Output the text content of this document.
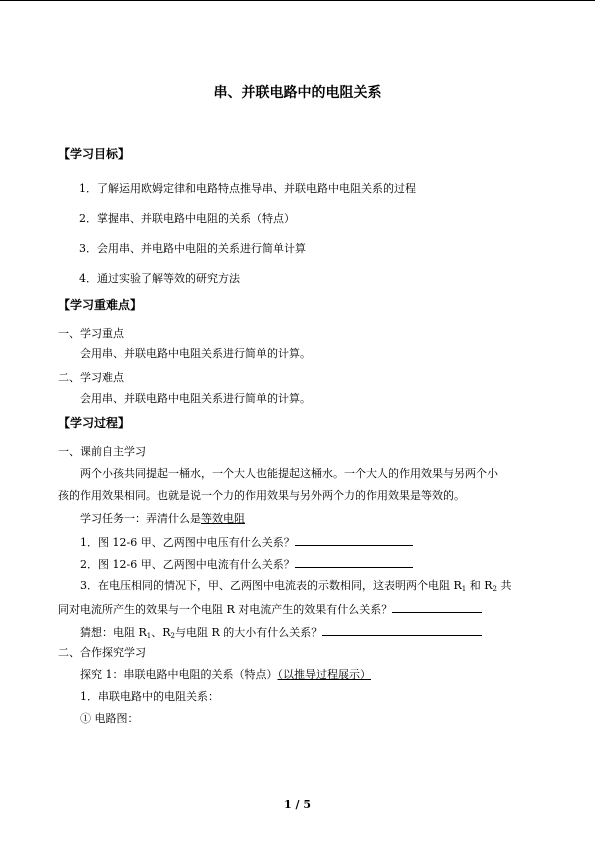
串、并联电路中的电阻关系
【学习目标】
1．了解运用欧姆定律和电路特点推导串、并联电路中电阻关系的过程
2．掌握串、并联电路中电阻的关系（特点）
3．会用串、并电路中电阻的关系进行简单计算
4．通过实验了解等效的研究方法
【学习重难点】
一、学习重点
会用串、并联电路中电阻关系进行简单的计算。
二、学习难点
会用串、并联电路中电阻关系进行简单的计算。
【学习过程】
一、课前自主学习
两个小孩共同提起一桶水，一个大人也能提起这桶水。一个大人的作用效果与另两个小
孩的作用效果相同。也就是说一个力的作用效果与另外两个力的作用效果是等效的。
学习任务一：弄清什么是等效电阻
1．图 12-6 甲、乙两图中电压有什么关系？
2．图 12-6 甲、乙两图中电流有什么关系？
3．在电压相同的情况下，甲、乙两图中电流表的示数相同，这表明两个电阻 $R_1$ 和 $R_2$ 共
同对电流所产生的效果与一个电阻 R 对电流产生的效果有什么关系？
猜想：电阻 $R_1$、$R_2$与电阻 R 的大小有什么关系？
二、合作探究学习
探究 1：串联电路中电阻的关系（特点）（以推导过程展示）
1．串联电路中的电阻关系：
① 电路图：
1 / 5
